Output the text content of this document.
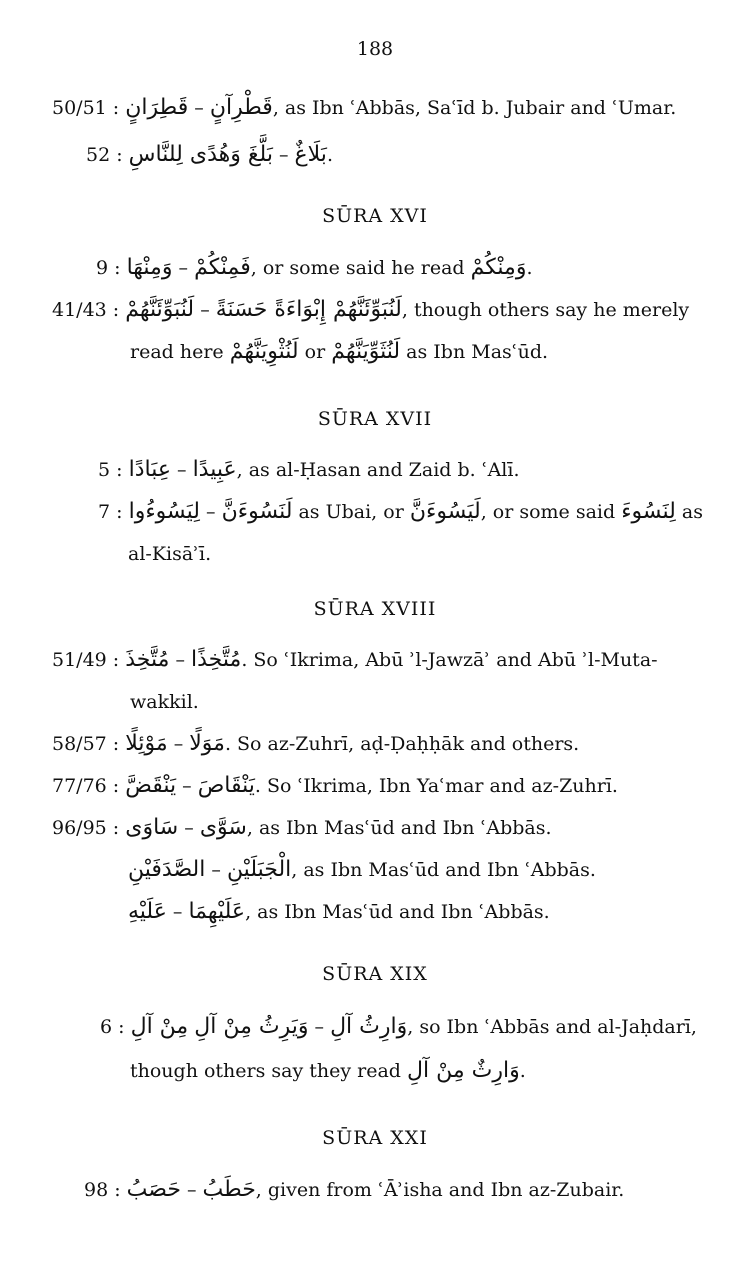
188
50/51 : قَطِرَانٍ – قَطْرِآنٍ, as Ibn ʿAbbās, Saʿīd b. Jubair and ʿUmar.
52 : بَلَّغَ وَهُدًى لِلنَّاسِ – بَلَاغٌ.
SŪRA XVI
9 : وَمِنْهَا – فَمِنْكُمْ, or some said he read وَمِنْكُمْ.
41/43 : لَنُبَوِّئَنَّهُمْ – لَنُبَوِّئَنَّهُمْ إِبْوَاءَةً حَسَنَةً, though others say he merely
read here لَنُثْوِيَنَّهُمْ or لَنُثَوِّيَنَّهُمْ as Ibn Masʿūd.
SŪRA XVII
5 : عِبَادًا – عَبِيدًا, as al-Ḥasan and Zaid b. ʿAlī.
7 : لِيَسُوءُوا – لَنَسُوءَنَّ as Ubai, or لَيَسُوءَنَّ, or some said لِنَسُوءَ as
al-Kisāʾī.
SŪRA XVIII
51/49 : مُتَّخِذَ – مُتَّخِذًا. So ʿIkrima, Abū ʾl-Jawzāʾ and Abū ʾl-Muta-
wakkil.
58/57 : مَوْئِلًا – مَوَلًا. So az-Zuhrī, aḍ-Ḍaḥḥāk and others.
77/76 : يَنْقَضَّ – يَنْقَاصَ. So ʿIkrima, Ibn Yaʿmar and az-Zuhrī.
96/95 : سَاوَى – سَوَّى, as Ibn Masʿūd and Ibn ʿAbbās.
الصَّدَفَيْنِ – الْجَبَلَيْنِ, as Ibn Masʿūd and Ibn ʿAbbās.
عَلَيْهِ – عَلَيْهِمَا, as Ibn Masʿūd and Ibn ʿAbbās.
SŪRA XIX
6 : مِنْ آلِ وَيَرِثُ مِنْ آلِ – وَارِثُ آلِ, so Ibn ʿAbbās and al-Jaḥdarī,
though others say they read وَارِثٌ مِنْ آلِ.
SŪRA XXI
98 : حَصَبُ – حَطَبُ, given from ʿĀʾisha and Ibn az-Zubair.
